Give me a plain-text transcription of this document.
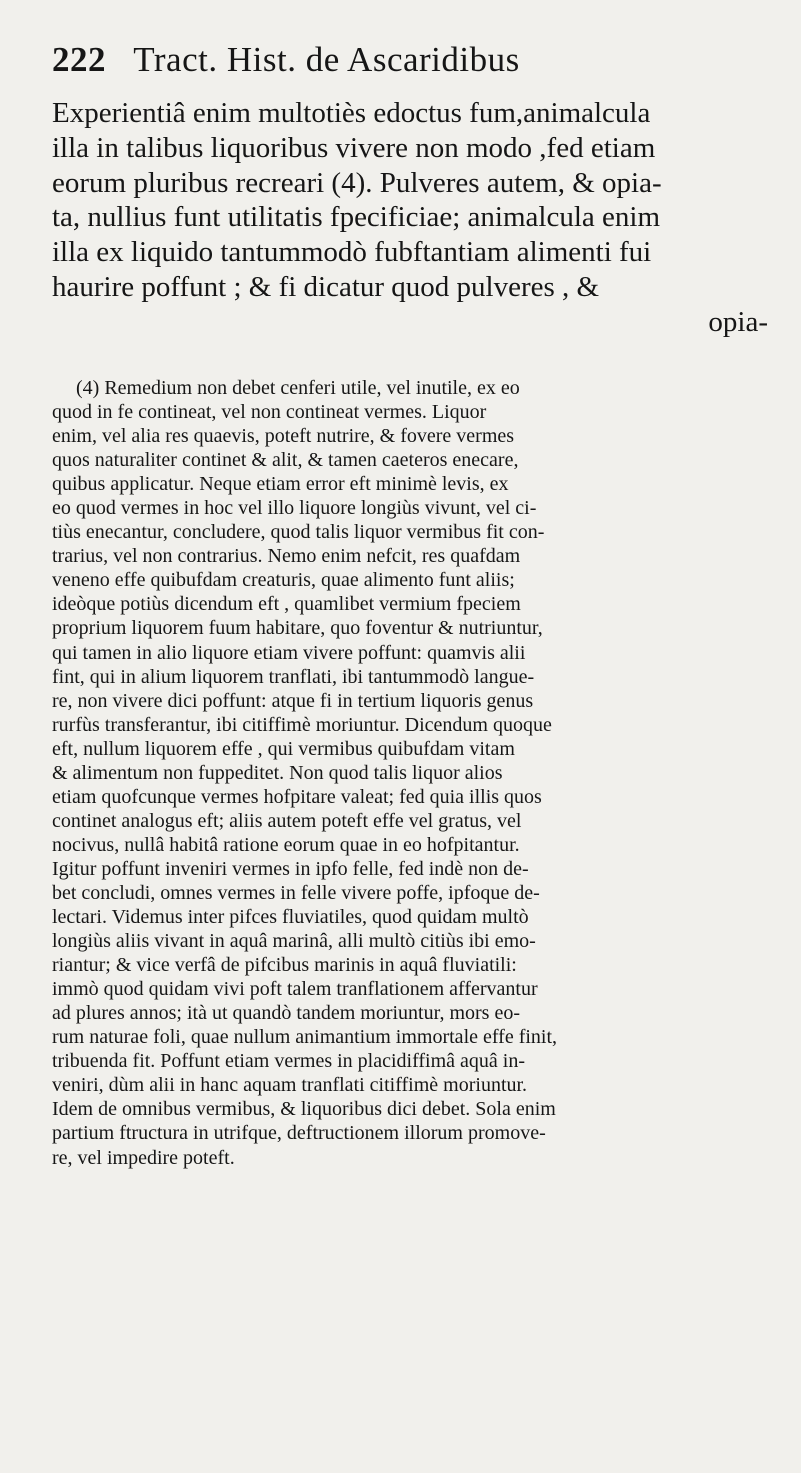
222 Tract. Hist. de Ascaridibus
Experientiâ enim multotiès edoctus fum,animalcula
illa in talibus liquoribus vivere non modo ,fed etiam
eorum pluribus recreari (4). Pulveres autem, & opia-
ta, nullius funt utilitatis fpecificiae; animalcula enim
illa ex liquido tantummodò fubftantiam alimenti fui
haurire poffunt ; & fi dicatur quod pulveres , &
opia-
(4) Remedium non debet cenferi utile, vel inutile, ex eo
quod in fe contineat, vel non contineat vermes. Liquor
enim, vel alia res quaevis, poteft nutrire, & fovere vermes
quos naturaliter continet & alit, & tamen caeteros enecare,
quibus applicatur. Neque etiam error eft minimè levis, ex
eo quod vermes in hoc vel illo liquore longiùs vivunt, vel ci-
tiùs enecantur, concludere, quod talis liquor vermibus fit con-
trarius, vel non contrarius. Nemo enim nefcit, res quafdam
veneno effe quibufdam creaturis, quae alimento funt aliis;
ideòque potiùs dicendum eft , quamlibet vermium fpeciem
proprium liquorem fuum habitare, quo foventur & nutriuntur,
qui tamen in alio liquore etiam vivere poffunt: quamvis alii
fint, qui in alium liquorem tranflati, ibi tantummodò langue-
re, non vivere dici poffunt: atque fi in tertium liquoris genus
rurfùs transferantur, ibi citiffimè moriuntur. Dicendum quoque
eft, nullum liquorem effe , qui vermibus quibufdam vitam
& alimentum non fuppeditet. Non quod talis liquor alios
etiam quofcunque vermes hofpitare valeat; fed quia illis quos
continet analogus eft; aliis autem poteft effe vel gratus, vel
nocivus, nullâ habitâ ratione eorum quae in eo hofpitantur.
Igitur poffunt inveniri vermes in ipfo felle, fed indè non de-
bet concludi, omnes vermes in felle vivere poffe, ipfoque de-
lectari. Videmus inter pifces fluviatiles, quod quidam multò
longiùs aliis vivant in aquâ marinâ, alli multò citiùs ibi emo-
riantur; & vice verfâ de pifcibus marinis in aquâ fluviatili:
immò quod quidam vivi poft talem tranflationem affervantur
ad plures annos; ità ut quandò tandem moriuntur, mors eo-
rum naturae foli, quae nullum animantium immortale effe finit,
tribuenda fit. Poffunt etiam vermes in placidiffimâ aquâ in-
veniri, dùm alii in hanc aquam tranflati citiffimè moriuntur.
Idem de omnibus vermibus, & liquoribus dici debet. Sola enim
partium ftructura in utrifque, deftructionem illorum promove-
re, vel impedire poteft.
